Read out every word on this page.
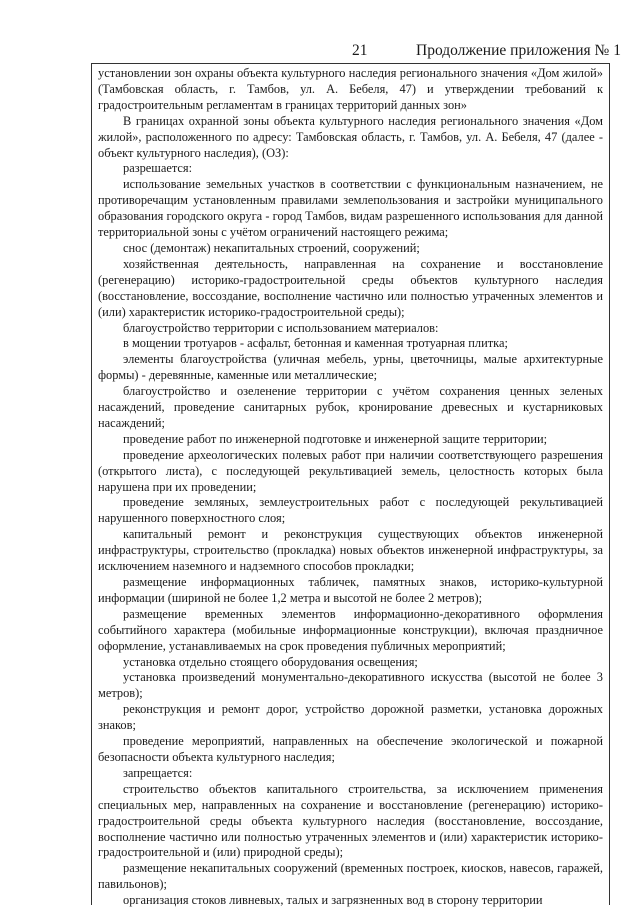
21	Продолжение приложения № 1

установлении зон охраны объекта культурного наследия регионального значения «Дом жилой» (Тамбовская область, г. Тамбов, ул. А. Бебеля, 47) и утверждении требований к градостроительным регламентам в границах территорий данных зон»

В границах охранной зоны объекта культурного наследия регионального значения «Дом жилой», расположенного по адресу: Тамбовская область, г. Тамбов, ул. А. Бебеля, 47 (далее - объект культурного наследия), (ОЗ):

разрешается:

использование земельных участков в соответствии с функциональным назначением, не противоречащим установленным правилами землепользования и застройки муниципального образования городского округа - город Тамбов, видам разрешенного использования для данной территориальной зоны с учётом ограничений настоящего режима;

снос (демонтаж) некапитальных строений, сооружений;

хозяйственная деятельность, направленная на сохранение и восстановление (регенерацию) историко-градостроительной среды объектов культурного наследия (восстановление, воссоздание, восполнение частично или полностью утраченных элементов и (или) характеристик историко-градостроительной среды);

благоустройство территории с использованием материалов:

в мощении тротуаров - асфальт, бетонная и каменная тротуарная плитка;

элементы благоустройства (уличная мебель, урны, цветочницы, малые архитектурные формы) - деревянные, каменные или металлические;

благоустройство и озеленение территории с учётом сохранения ценных зеленых насаждений, проведение санитарных рубок, кронирование древесных и кустарниковых насаждений;

проведение работ по инженерной подготовке и инженерной защите территории;

проведение археологических полевых работ при наличии соответствующего разрешения (открытого листа), с последующей рекультивацией земель, целостность которых была нарушена при их проведении;

проведение земляных, землеустроительных работ с последующей рекультивацией нарушенного поверхностного слоя;

капитальный ремонт и реконструкция существующих объектов инженерной инфраструктуры, строительство (прокладка) новых объектов инженерной инфраструктуры, за исключением наземного и надземного способов прокладки;

размещение информационных табличек, памятных знаков, историко-культурной информации (шириной не более 1,2 метра и высотой не более 2 метров);

размещение временных элементов информационно-декоративного оформления событийного характера (мобильные информационные конструкции), включая праздничное оформление, устанавливаемых на срок проведения публичных мероприятий;

установка отдельно стоящего оборудования освещения;

установка произведений монументально-декоративного искусства (высотой не более 3 метров);

реконструкция и ремонт дорог, устройство дорожной разметки, установка дорожных знаков;

проведение мероприятий, направленных на обеспечение экологической и пожарной безопасности объекта культурного наследия;

запрещается:

строительство объектов капитального строительства, за исключением применения специальных мер, направленных на сохранение и восстановление (регенерацию) историко-градостроительной среды объекта культурного наследия (восстановление, воссоздание, восполнение частично или полностью утраченных элементов и (или) характеристик историко-градостроительной и (или) природной среды);

размещение некапитальных сооружений (временных построек, киосков, навесов, гаражей, павильонов);

организация стоков ливневых, талых и загрязненных вод в сторону территории
